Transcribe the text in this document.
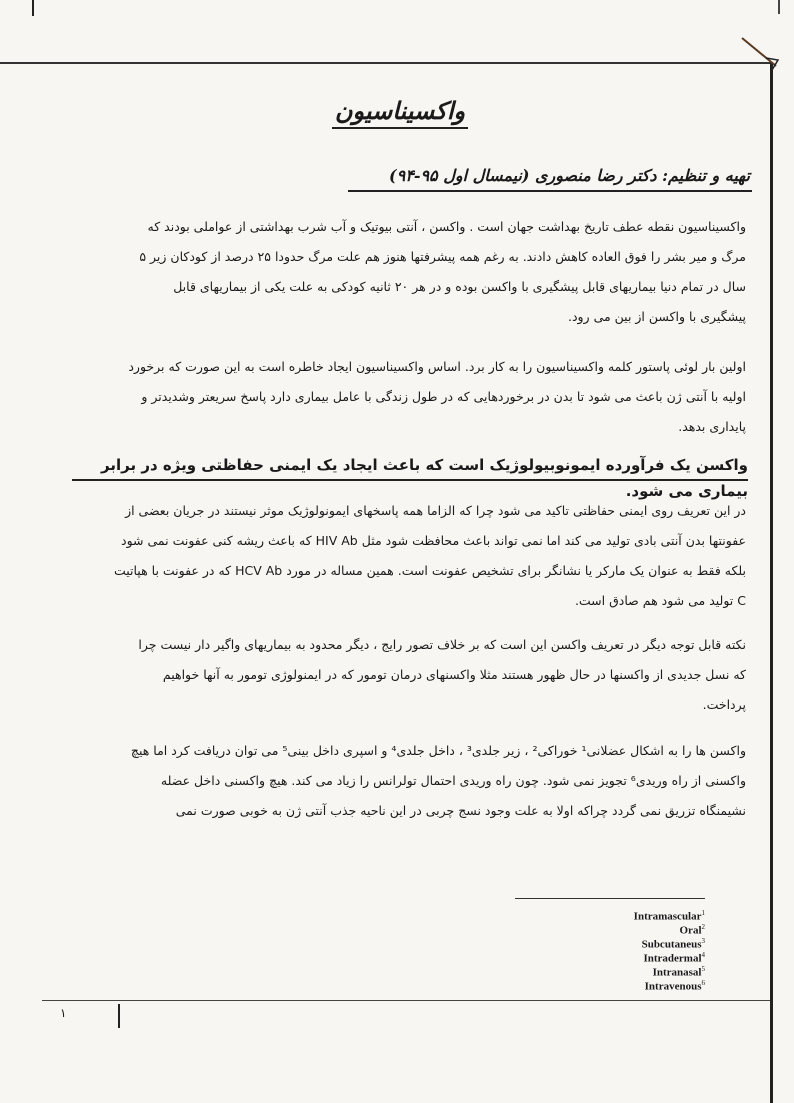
واکسیناسیون
تهیه و تنظیم: دکتر رضا منصوری (نیمسال اول ۹۵-۹۴)
واکسیناسیون نقطه عطف تاریخ بهداشت جهان است . واکسن ، آنتی بیوتیک و آب شرب بهداشتی از عواملی بودند که
مرگ و میر بشر را فوق العاده کاهش دادند. به رغم همه پیشرفتها هنوز هم علت مرگ حدودا ۲۵ درصد از کودکان زیر ۵
سال در تمام دنیا بیماریهای قابل پیشگیری با واکسن بوده و در هر ۲۰ ثانیه کودکی به علت یکی از بیماریهای قابل
پیشگیری با واکسن از بین می رود.
اولین بار لوئی پاستور کلمه واکسیناسیون را به کار برد. اساس واکسیناسیون ایجاد خاطره است به این صورت که برخورد
اولیه با آنتی ژن باعث می شود تا بدن در برخوردهایی که در طول زندگی با عامل بیماری دارد پاسخ سریعتر وشدیدتر و
پایداری بدهد.
واکسن یک فرآورده ایمونوبیولوژیک است که باعث ایجاد یک ایمنی حفاظتی ویژه در برابر بیماری می شود.
در این تعریف روی ایمنی حفاظتی تاکید می شود چرا که الزاما همه پاسخهای ایمونولوژیک موثر نیستند در جریان بعضی از
عفونتها بدن آنتی بادی تولید می کند اما نمی تواند باعث محافظت شود مثل HIV Ab که باعث ریشه کنی عفونت نمی شود
بلکه فقط به عنوان یک مارکر یا نشانگر برای تشخیص عفونت است. همین مساله در مورد HCV Ab که در عفونت با هپاتیت
C تولید می شود هم صادق است.
نکته قابل توجه دیگر در تعریف واکسن این است که بر خلاف تصور رایج ، دیگر محدود به بیماریهای واگیر دار نیست چرا
که نسل جدیدی از واکسنها در حال ظهور هستند مثلا واکسنهای درمان تومور که در ایمنولوژی تومور به آنها خواهیم
پرداخت.
واکسن ها را به اشکال عضلانی¹ خوراکی² ، زیر جلدی³ ، داخل جلدی⁴ و اسپری داخل بینی⁵ می توان دریافت کرد اما هیچ
واکسنی از راه وریدی⁶ تجویز نمی شود. چون راه وریدی احتمال تولرانس را زیاد می کند. هیچ واکسنی داخل عضله
نشیمنگاه تزریق نمی گردد چراکه اولا به علت وجود نسج چربی در این ناحیه جذب آنتی ژن به خوبی صورت نمی
Intramascular$^1$
Oral$^2$
Subcutaneus$^3$
Intradermal$^4$
Intranasal$^5$
Intravenous$^6$
۱
